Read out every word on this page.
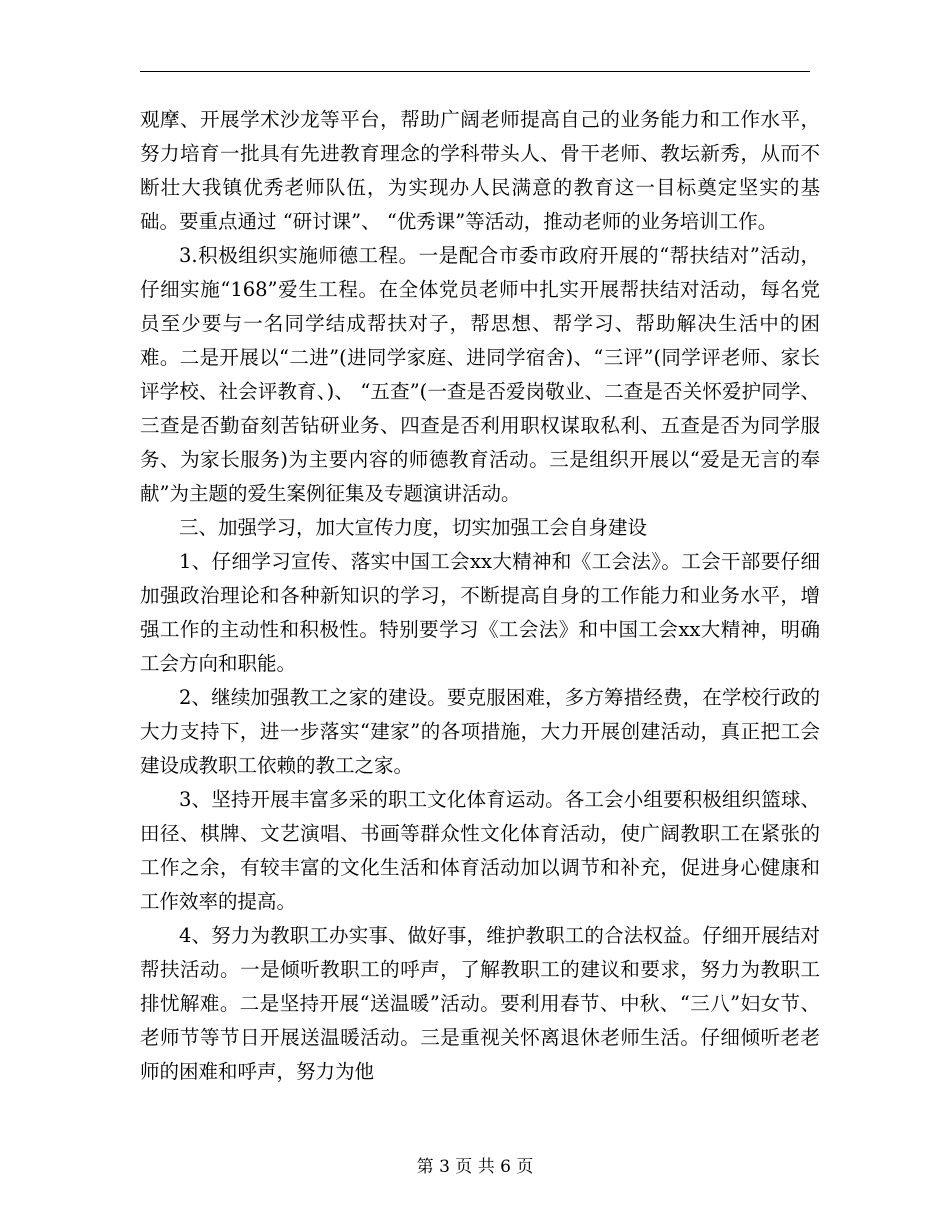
观摩、开展学术沙龙等平台，帮助广阔老师提高自己的业务能力和工作水平，努力培育一批具有先进教育理念的学科带头人、骨干老师、教坛新秀，从而不断壮大我镇优秀老师队伍，为实现办人民满意的教育这一目标奠定坚实的基础。要重点通过 “研讨课”、 “优秀课”等活动，推动老师的业务培训工作。

3.积极组织实施师德工程。一是配合市委市政府开展的“帮扶结对”活动，仔细实施“168”爱生工程。在全体党员老师中扎实开展帮扶结对活动，每名党员至少要与一名同学结成帮扶对子，帮思想、帮学习、帮助解决生活中的困难。二是开展以“二进”(进同学家庭、进同学宿舍)、“三评”(同学评老师、家长评学校、社会评教育、)、 “五查”(一查是否爱岗敬业、二查是否关怀爱护同学、三查是否勤奋刻苦钻研业务、四查是否利用职权谋取私利、五查是否为同学服务、为家长服务)为主要内容的师德教育活动。三是组织开展以“爱是无言的奉献”为主题的爱生案例征集及专题演讲活动。

三、加强学习，加大宣传力度，切实加强工会自身建设

1、仔细学习宣传、落实中国工会xx大精神和《工会法》。工会干部要仔细加强政治理论和各种新知识的学习，不断提高自身的工作能力和业务水平，增强工作的主动性和积极性。特别要学习《工会法》和中国工会xx大精神，明确工会方向和职能。

2、继续加强教工之家的建设。要克服困难，多方筹措经费，在学校行政的大力支持下，进一步落实“建家”的各项措施，大力开展创建活动，真正把工会建设成教职工依赖的教工之家。

3、坚持开展丰富多采的职工文化体育运动。各工会小组要积极组织篮球、田径、棋牌、文艺演唱、书画等群众性文化体育活动，使广阔教职工在紧张的工作之余，有较丰富的文化生活和体育活动加以调节和补充，促进身心健康和工作效率的提高。

4、努力为教职工办实事、做好事，维护教职工的合法权益。仔细开展结对帮扶活动。一是倾听教职工的呼声，了解教职工的建议和要求，努力为教职工排忧解难。二是坚持开展“送温暖”活动。要利用春节、中秋、“三八”妇女节、老师节等节日开展送温暖活动。三是重视关怀离退休老师生活。仔细倾听老老师的困难和呼声，努力为他

第 3 页 共 6 页
